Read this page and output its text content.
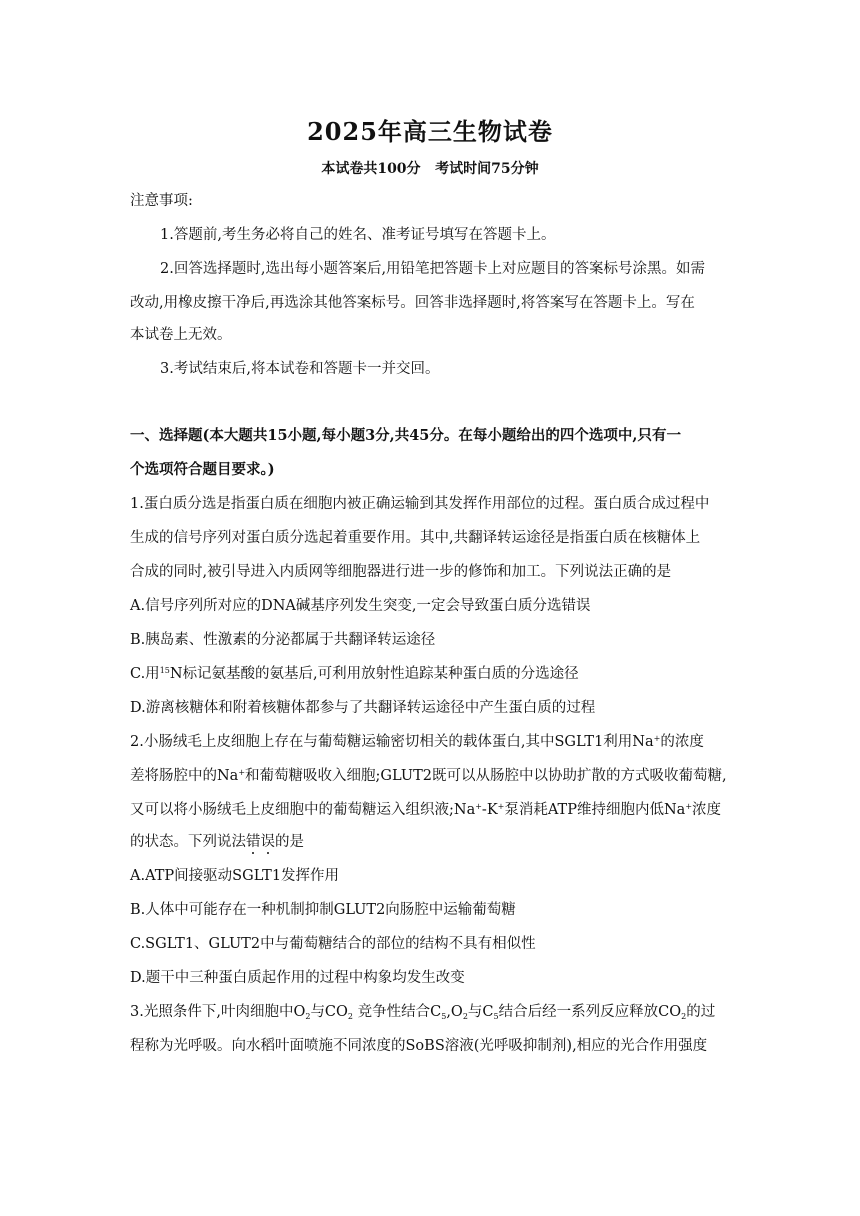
2025年高三生物试卷
本试卷共100分   考试时间75分钟
注意事项:
1.答题前,考生务必将自己的姓名、准考证号填写在答题卡上。
2.回答选择题时,选出每小题答案后,用铅笔把答题卡上对应题目的答案标号涂黑。如需
改动,用橡皮擦干净后,再选涂其他答案标号。回答非选择题时,将答案写在答题卡上。写在
本试卷上无效。
3.考试结束后,将本试卷和答题卡一并交回。
一、选择题(本大题共15小题,每小题3分,共45分。在每小题给出的四个选项中,只有一
个选项符合题目要求。)
1.蛋白质分选是指蛋白质在细胞内被正确运输到其发挥作用部位的过程。蛋白质合成过程中
生成的信号序列对蛋白质分选起着重要作用。其中,共翻译转运途径是指蛋白质在核糖体上
合成的同时,被引导进入内质网等细胞器进行进一步的修饰和加工。下列说法正确的是
A.信号序列所对应的DNA碱基序列发生突变,一定会导致蛋白质分选错误
B.胰岛素、性激素的分泌都属于共翻译转运途径
C.用$^{15}$N标记氨基酸的氨基后,可利用放射性追踪某种蛋白质的分选途径
D.游离核糖体和附着核糖体都参与了共翻译转运途径中产生蛋白质的过程
2.小肠绒毛上皮细胞上存在与葡萄糖运输密切相关的载体蛋白,其中SGLT1利用Na+的浓度
差将肠腔中的Na+和葡萄糖吸收入细胞;GLUT2既可以从肠腔中以协助扩散的方式吸收葡萄糖,
又可以将小肠绒毛上皮细胞中的葡萄糖运入组织液;Na+-K+泵消耗ATP维持细胞内低Na+浓度
的状态。下列说法错误的是
A.ATP间接驱动SGLT1发挥作用
B.人体中可能存在一种机制抑制GLUT2向肠腔中运输葡萄糖
C.SGLT1、GLUT2中与葡萄糖结合的部位的结构不具有相似性
D.题干中三种蛋白质起作用的过程中构象均发生改变
3.光照条件下,叶肉细胞中$O_2$与$CO_2$ 竞争性结合$C_5,O_2$与$C_5$结合后经一系列反应释放$CO_2$的过
程称为光呼吸。向水稻叶面喷施不同浓度的SoBS溶液(光呼吸抑制剂),相应的光合作用强度
